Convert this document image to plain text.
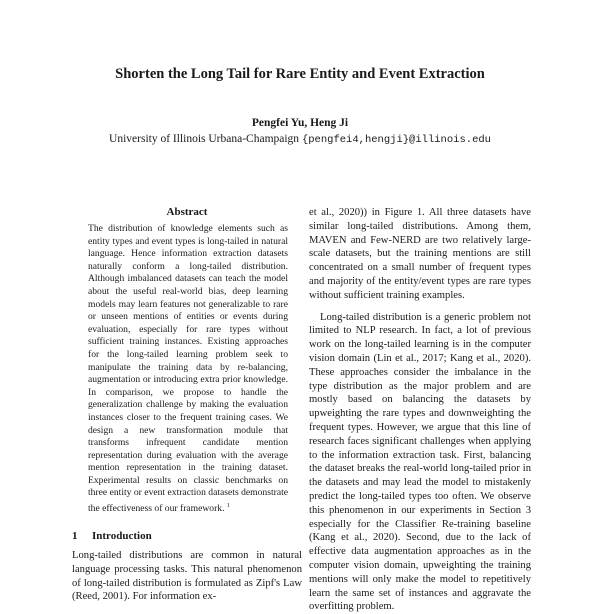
Shorten the Long Tail for Rare Entity and Event Extraction
Pengfei Yu, Heng Ji
University of Illinois Urbana-Champaign {pengfei4,hengji}@illinois.edu
Abstract
The distribution of knowledge elements such as entity types and event types is long-tailed in natural language. Hence information extraction datasets naturally conform a long-tailed distribution. Although imbalanced datasets can teach the model about the useful real-world bias, deep learning models may learn features not generalizable to rare or unseen mentions of entities or events during evaluation, especially for rare types without sufficient training instances. Existing approaches for the long-tailed learning problem seek to manipulate the training data by re-balancing, augmentation or introducing extra prior knowledge. In comparison, we propose to handle the generalization challenge by making the evaluation instances closer to the frequent training cases. We design a new transformation module that transforms infrequent candidate mention representation during evaluation with the average mention representation in the training dataset. Experimental results on classic benchmarks on three entity or event extraction datasets demonstrate the effectiveness of our framework. $^1$
1 Introduction
Long-tailed distributions are common in natural language processing tasks. This natural phenomenon of long-tailed distribution is formulated as Zipf's Law (Reed, 2001). For information ex-

et al., 2020)) in Figure 1. All three datasets have similar long-tailed distributions. Among them, MAVEN and Few-NERD are two relatively large-scale datasets, but the training mentions are still concentrated on a small number of frequent types and majority of the entity/event types are rare types without sufficient training examples.

Long-tailed distribution is a generic problem not limited to NLP research. In fact, a lot of previous work on the long-tailed learning is in the computer vision domain (Lin et al., 2017; Kang et al., 2020). These approaches consider the imbalance in the type distribution as the major problem and are mostly based on balancing the datasets by upweighting the rare types and downweighting the frequent types. However, we argue that this line of research faces significant challenges when applying to the information extraction task. First, balancing the dataset breaks the real-world long-tailed prior in the datasets and may lead the model to mistakenly predict the long-tailed types too often. We observe this phenomenon in our experiments in Section 3 especially for the Classifier Re-training baseline (Kang et al., 2020). Second, due to the lack of effective data augmentation approaches as in the computer vision domain, upweighting the training mentions will only make the model to repetitively learn the same set of instances and aggravate the overfitting problem.
